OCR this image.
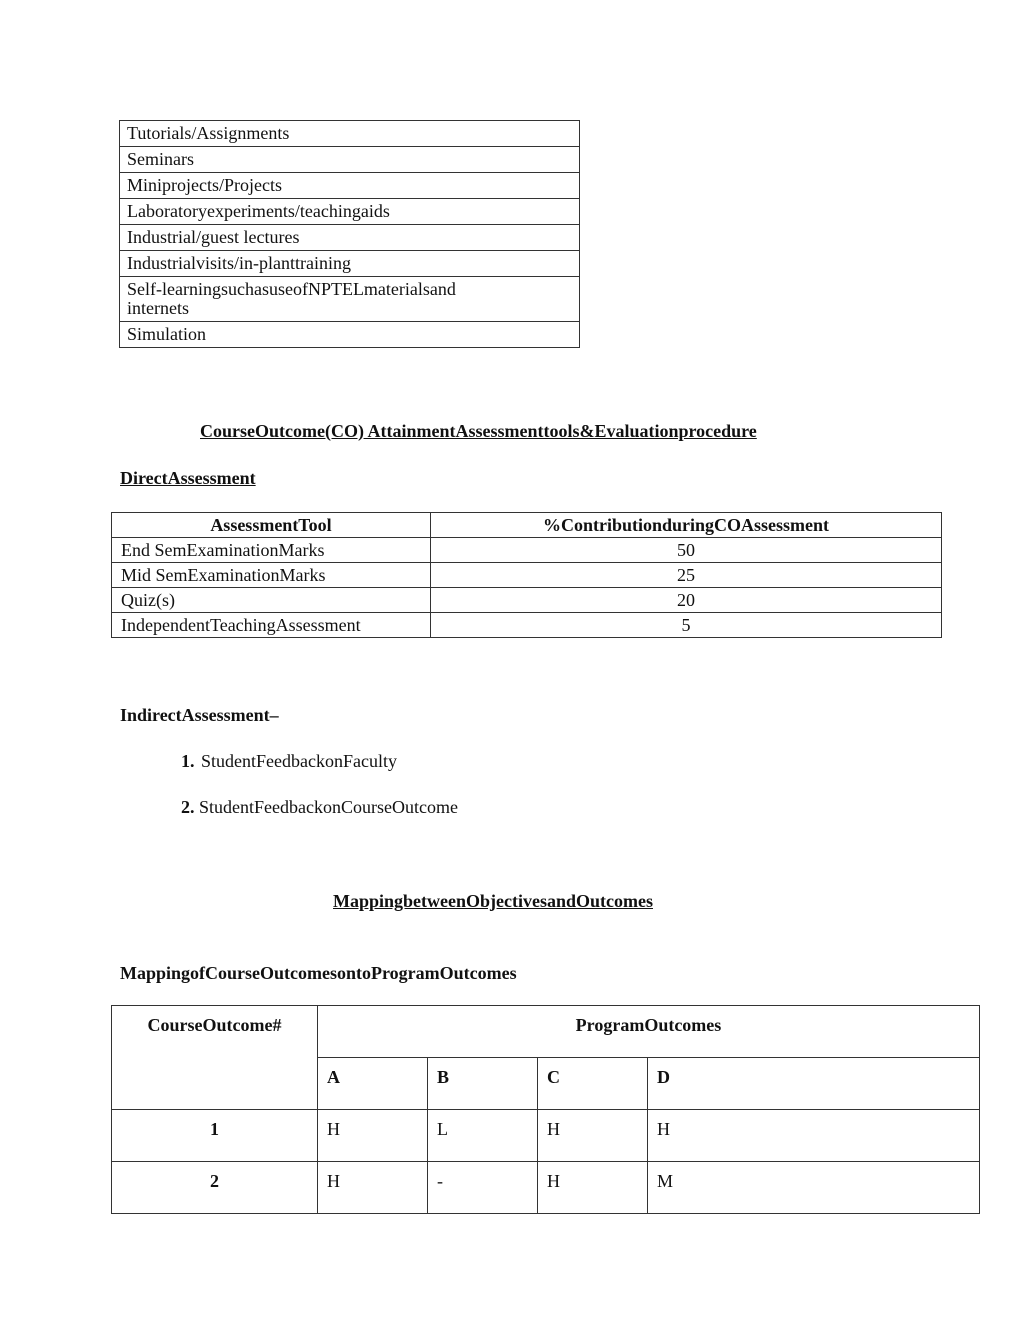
Tutorials/Assignments
Seminars
Miniprojects/Projects
Laboratoryexperiments/teachingaids
Industrial/guest lectures
Industrialvisits/in-planttraining
Self-learningsuchasuseofNPTELmaterialsand internets
Simulation
CourseOutcome(CO) AttainmentAssessmenttools&Evaluationprocedure
DirectAssessment
AssessmentTool	%ContributionduringCOAssessment
End SemExaminationMarks	50
Mid SemExaminationMarks	25
Quiz(s)	20
IndependentTeachingAssessment	5
IndirectAssessment–
1. StudentFeedbackonFaculty
2. StudentFeedbackonCourseOutcome
MappingbetweenObjectivesandOutcomes
MappingofCourseOutcomesontoProgramOutcomes
CourseOutcome#	ProgramOutcomes			
	A	B	C	D
1	H	L	H	H
2	H	-	H	M
